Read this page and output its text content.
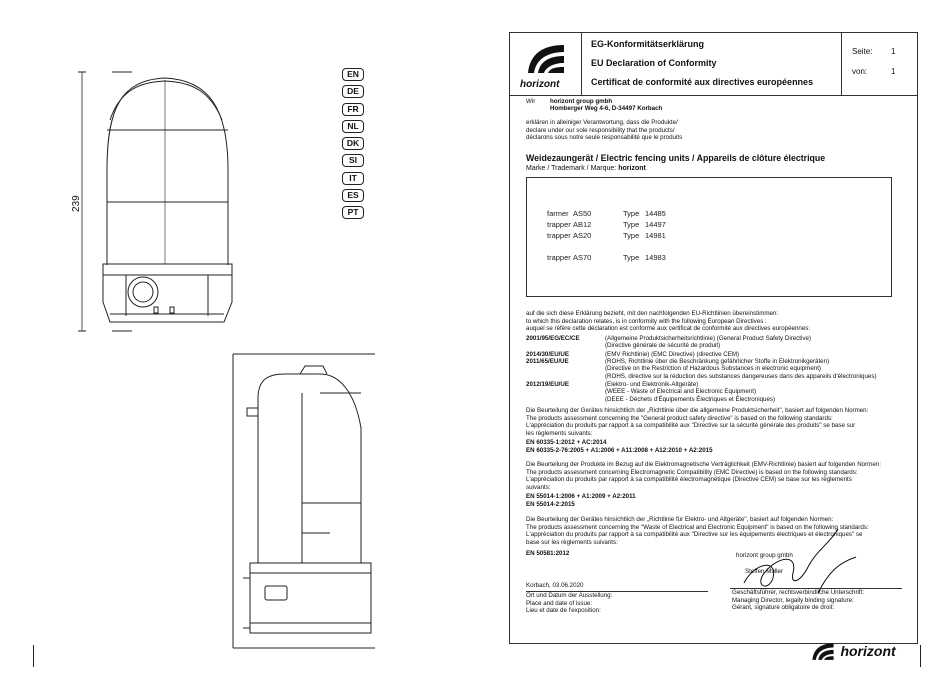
239
EN
DE
FR
NL
DK
SI
IT
ES
PT
horizont
EG-Konformitätserklärung
EU Declaration of Conformity
Certificat de conformité aux directives européennes
Seite: 1
von:	1
Wir horizont group gmbh
Homberger Weg 4-6, D-34497 Korbach
erklären in alleiniger Verantwortung, dass die Produkte/
declare under our sole responsibility that the products/
déclarons sous notre seule responsabilité que le produits
Weidezaungerät / Electric fencing units / Appareils de clôture électrique
Marke / Trademark / Marque: horizont
farmer AS50	Type 14485
trapper AB12	Type 14497
trapper AS20	Type 14981
trapper AS70	Type 14983
auf die sich diese Erklärung bezieht, mit den nachfolgenden EU-Richtlinien übereinstimmen:
to which this declaration relates, is in conformity with the following European Directives :
auquel se réfère cette déclaration est conforme aux certificat de conformité aux directives européennes:
2001/95/EG/EC/CE	(Allgemeine Produktsicherheitsrichtlinie) (General Product Safety Directive)
(Directive générale de sécurité de produit)
2014/30/EU/UE	(EMV Richtlinie) (EMC Directive) (directive CEM)
2011/65/EU/UE	(ROHS, Richtlinie über die Beschränkung gefährlicher Stoffe in Elektronikgeräten)
(Directive on the Restriction of Hazardous Substances in electronic equipment)
(ROHS, directive sur la réduction des substances dangereuses dans des appareils d'électroniques)
2012/19/EU/UE	(Elektro- und Elektronik-Altgeräte)
(WEEE - Waste of Electrical and Electronic Equipment)
(DEEE - Déchets d'Équipements Électriques et Électroniques)
Die Beurteilung der Gerätes hinsichtlich der „Richtlinie über die allgemeine Produktsicherheit", basiert auf folgenden Normen:
The products assessment concerning the "General product safety directive" is based on the following standards:
L'appréciation du produits par rapport à sa compatibilité aux "Directive sur la sécurité générale des produits" se base sur
les règlements suivants:
EN 60335-1:2012 + AC:2014
EN 60335-2-76:2005 + A1:2006 + A11:2008 + A12:2010 + A2:2015
Die Beurteilung der Produkte im Bezug auf die Elektromagnetische Verträglichkeit (EMV-Richtlinie) basiert auf folgenden Normen:
The products assessment concerning Electromagnetic Compatibility (EMC Directive) is based on the following standards:
L'appréciation du produits par rapport à sa compatibilité électromagnétique (Directive CEM) se base sur les règlements
suivants:
EN 55014-1:2006 + A1:2009 + A2:2011
EN 55014-2:2015
Die Beurteilung der Gerätes hinsichtlich der „Richtlinie für Elektro- und Altgeräte", basiert auf folgenden Normen:
The products assessment concerning the "Waste of Electrical and Electronic Equipment" is based on the following standards:
L'appréciation du produits par rapport à sa compatibilité aux "Directive sur les équipements électriques et électroniques" se
base sur les règlements suivants:
EN 50581:2012	horizont group gmbh
Steffen Muller
Korbach, 03.06.2020
Ort und Datum der Ausstellung:
Place and date of issue:
Lieu et date de l'exposition:
Geschäftsführer, rechtsverbindliche Unterschrift:
Managing Director, legally binding signature:
Gérant, signature obligatoire de droit:
horizont
